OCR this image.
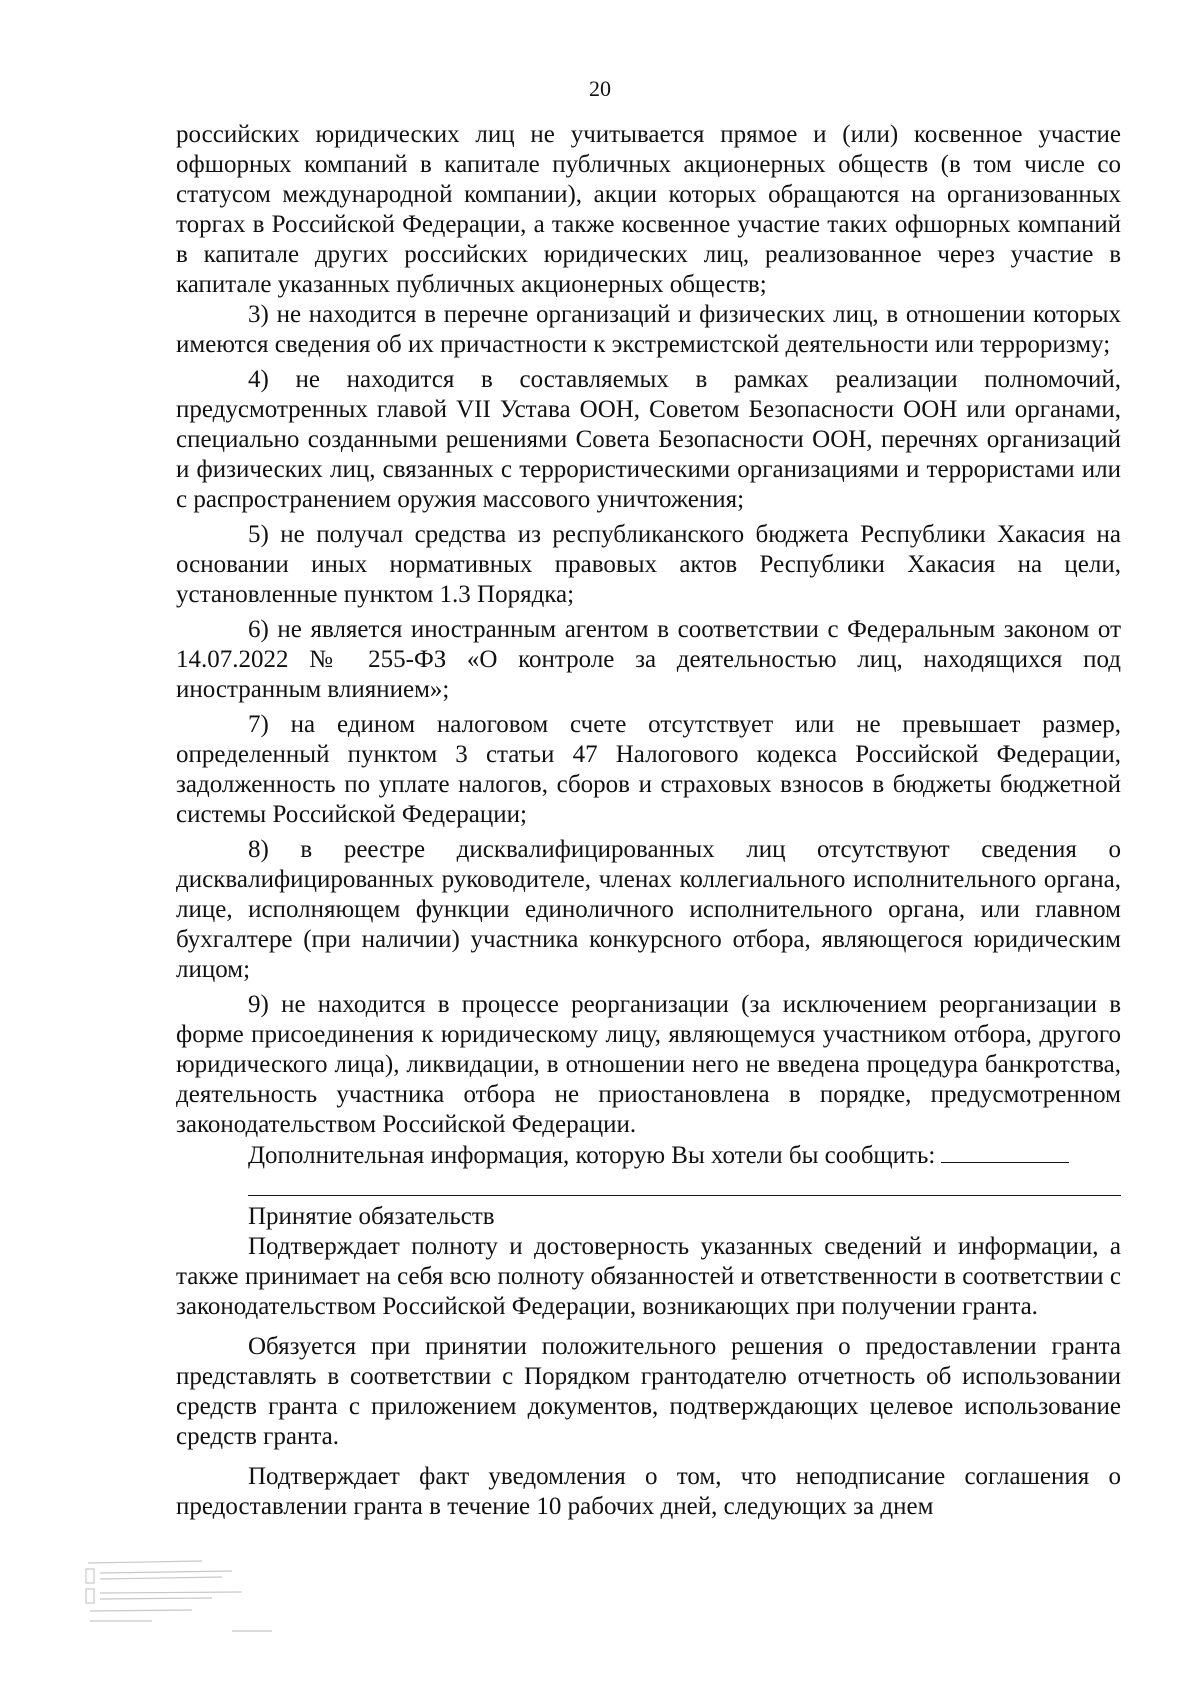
20

российских юридических лиц не учитывается прямое и (или) косвенное участие офшорных компаний в капитале публичных акционерных обществ (в том числе со статусом международной компании), акции которых обращаются на организованных торгах в Российской Федерации, а также косвенное участие таких офшорных компаний в капитале других российских юридических лиц, реализованное через участие в капитале указанных публичных акционерных обществ;

3) не находится в перечне организаций и физических лиц, в отношении которых имеются сведения об их причастности к экстремистской деятельности или терроризму;

4) не находится в составляемых в рамках реализации полномочий, предусмотренных главой VII Устава ООН, Советом Безопасности ООН или органами, специально созданными решениями Совета Безопасности ООН, перечнях организаций и физических лиц, связанных с террористическими организациями и террористами или с распространением оружия массового уничтожения;

5) не получал средства из республиканского бюджета Республики Хакасия на основании иных нормативных правовых актов Республики Хакасия на цели, установленные пунктом 1.3 Порядка;

6) не является иностранным агентом в соответствии с Федеральным законом от 14.07.2022 № 255-ФЗ «О контроле за деятельностью лиц, находящихся под иностранным влиянием»;

7) на едином налоговом счете отсутствует или не превышает размер, определенный пунктом 3 статьи 47 Налогового кодекса Российской Федерации, задолженность по уплате налогов, сборов и страховых взносов в бюджеты бюджетной системы Российской Федерации;

8) в реестре дисквалифицированных лиц отсутствуют сведения о дисквалифицированных руководителе, членах коллегиального исполнительного органа, лице, исполняющем функции единоличного исполнительного органа, или главном бухгалтере (при наличии) участника конкурсного отбора, являющегося юридическим лицом;

9) не находится в процессе реорганизации (за исключением реорганизации в форме присоединения к юридическому лицу, являющемуся участником отбора, другого юридического лица), ликвидации, в отношении него не введена процедура банкротства, деятельность участника отбора не приостановлена в порядке, предусмотренном законодательством Российской Федерации.

Дополнительная информация, которую Вы хотели бы сообщить:

Принятие обязательств

Подтверждает полноту и достоверность указанных сведений и информации, а также принимает на себя всю полноту обязанностей и ответственности в соответствии с законодательством Российской Федерации, возникающих при получении гранта.

Обязуется при принятии положительного решения о предоставлении гранта представлять в соответствии с Порядком грантодателю отчетность об использовании средств гранта с приложением документов, подтверждающих целевое использование средств гранта.

Подтверждает факт уведомления о том, что неподписание соглашения о предоставлении гранта в течение 10 рабочих дней, следующих за днем
